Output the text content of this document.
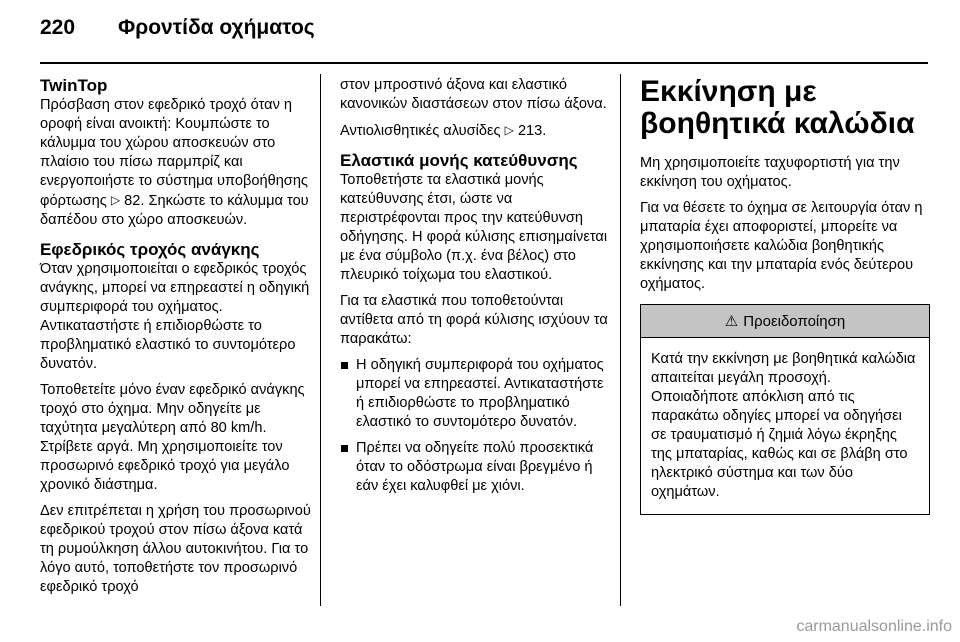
220	Φροντίδα οχήματος
TwinTop

Πρόσβαση στον εφεδρικό τροχό όταν η οροφή είναι ανοικτή: Κουμπώστε το κάλυμμα του χώρου αποσκευών στο πλαίσιο του πίσω παρμπρίζ και ενεργοποιήστε το σύστημα υποβοήθησης φόρτωσης ▷ 82. Σηκώστε το κάλυμμα του δαπέδου στο χώρο αποσκευών.

Εφεδρικός τροχός ανάγκης

Όταν χρησιμοποιείται ο εφεδρικός τροχός ανάγκης, μπορεί να επηρεαστεί η οδηγική συμπεριφορά του οχήματος. Αντικαταστήστε ή επιδιορθώστε το προβληματικό ελαστικό το συντομότερο δυνατόν.

Τοποθετείτε μόνο έναν εφεδρικό ανάγκης τροχό στο όχημα. Μην οδηγείτε με ταχύτητα μεγαλύτερη από 80 km/h. Στρίβετε αργά. Μη χρησιμοποιείτε τον προσωρινό εφεδρικό τροχό για μεγάλο χρονικό διάστημα.

Δεν επιτρέπεται η χρήση του προσωρινού εφεδρικού τροχού στον πίσω άξονα κατά τη ρυμούλκηση άλλου αυτοκινήτου. Για το λόγο αυτό, τοποθετήστε τον προσωρινό εφεδρικό τροχό

στον μπροστινό άξονα και ελαστικό κανονικών διαστάσεων στον πίσω άξονα.

Αντιολισθητικές αλυσίδες ▷ 213.

Ελαστικά μονής κατεύθυνσης

Τοποθετήστε τα ελαστικά μονής κατεύθυνσης έτσι, ώστε να περιστρέφονται προς την κατεύθυνση οδήγησης. Η φορά κύλισης επισημαίνεται με ένα σύμβολο (π.χ. ένα βέλος) στο πλευρικό τοίχωμα του ελαστικού.

Για τα ελαστικά που τοποθετούνται αντίθετα από τη φορά κύλισης ισχύουν τα παρακάτω:

Η οδηγική συμπεριφορά του οχήματος μπορεί να επηρεαστεί. Αντικαταστήστε ή επιδιορθώστε το προβληματικό ελαστικό το συντομότερο δυνατόν.
Πρέπει να οδηγείτε πολύ προσεκτικά όταν το οδόστρωμα είναι βρεγμένο ή εάν έχει καλυφθεί με χιόνι.
Εκκίνηση με βοηθητικά καλώδια

Μη χρησιμοποιείτε ταχυφορτιστή για την εκκίνηση του οχήματος.

Για να θέσετε το όχημα σε λειτουργία όταν η μπαταρία έχει αποφοριστεί, μπορείτε να χρησιμοποιήσετε καλώδια βοηθητικής εκκίνησης και την μπαταρία ενός δεύτερου οχήματος.

⚠ Προειδοποίηση
Κατά την εκκίνηση με βοηθητικά καλώδια απαιτείται μεγάλη προσοχή. Οποιαδήποτε απόκλιση από τις παρακάτω οδηγίες μπορεί να οδηγήσει σε τραυματισμό ή ζημιά λόγω έκρηξης της μπαταρίας, καθώς και σε βλάβη στο ηλεκτρικό σύστημα και των δύο οχημάτων.
carmanualsonline.info
